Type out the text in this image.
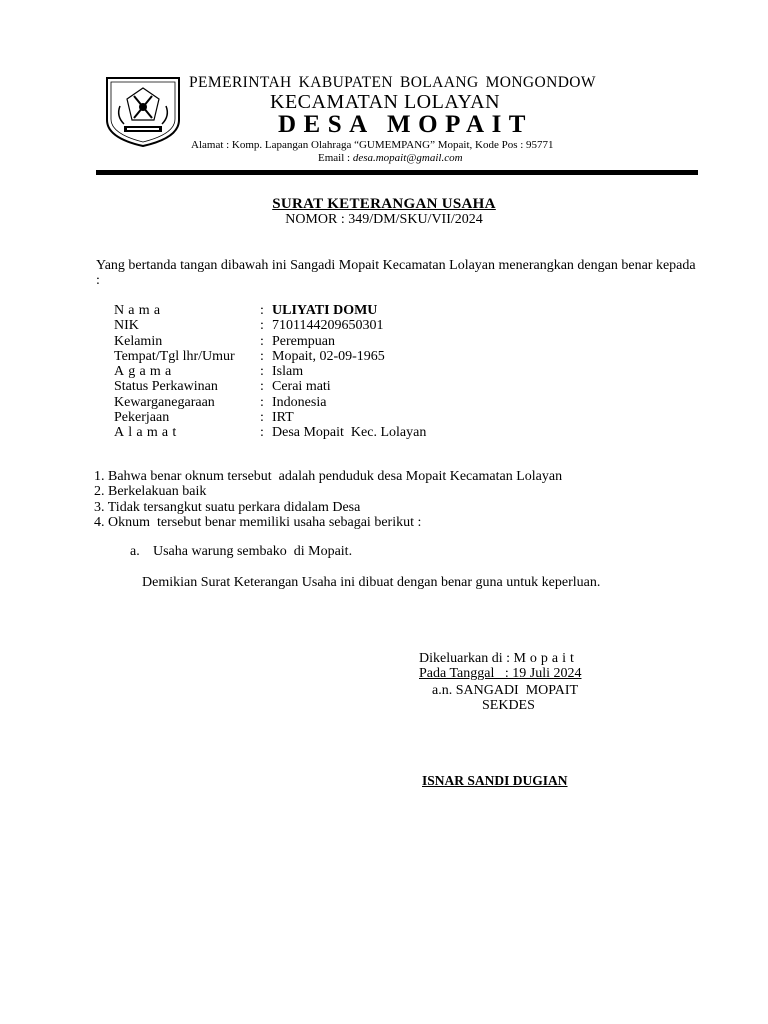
PEMERINTAH KABUPATEN BOLAANG MONGONDOW
KECAMATAN LOLAYAN
DESA MOPAIT
Alamat : Komp. Lapangan Olahraga “GUMEMPANG” Mopait, Kode Pos : 95771
Email : desa.mopait@gmail.com
SURAT KETERANGAN USAHA
NOMOR : 349/DM/SKU/VII/2024
Yang bertanda tangan dibawah ini Sangadi Mopait Kecamatan Lolayan menerangkan dengan benar kepada :
Nama	: ULIYATI DOMU
NIK	: 7101144209650301
Kelamin	: Perempuan
Tempat/Tgl lhr/Umur	: Mopait, 02-09-1965
Agama	: Islam
Status Perkawinan	: Cerai mati
Kewarganegaraan	: Indonesia
Pekerjaan	: IRT
Alamat	: Desa Mopait  Kec. Lolayan
1. Bahwa benar oknum tersebut  adalah penduduk desa Mopait Kecamatan Lolayan
2. Berkelakuan baik
3. Tidak tersangkut suatu perkara didalam Desa
4. Oknum  tersebut benar memiliki usaha sebagai berikut :
a. Usaha warung sembako  di Mopait.
Demikian Surat Keterangan Usaha ini dibuat dengan benar guna untuk keperluan.
Dikeluarkan di : Mopait
Pada Tanggal   : 19 Juli 2024
a.n. SANGADI  MOPAIT
SEKDES
ISNAR SANDI DUGIAN
